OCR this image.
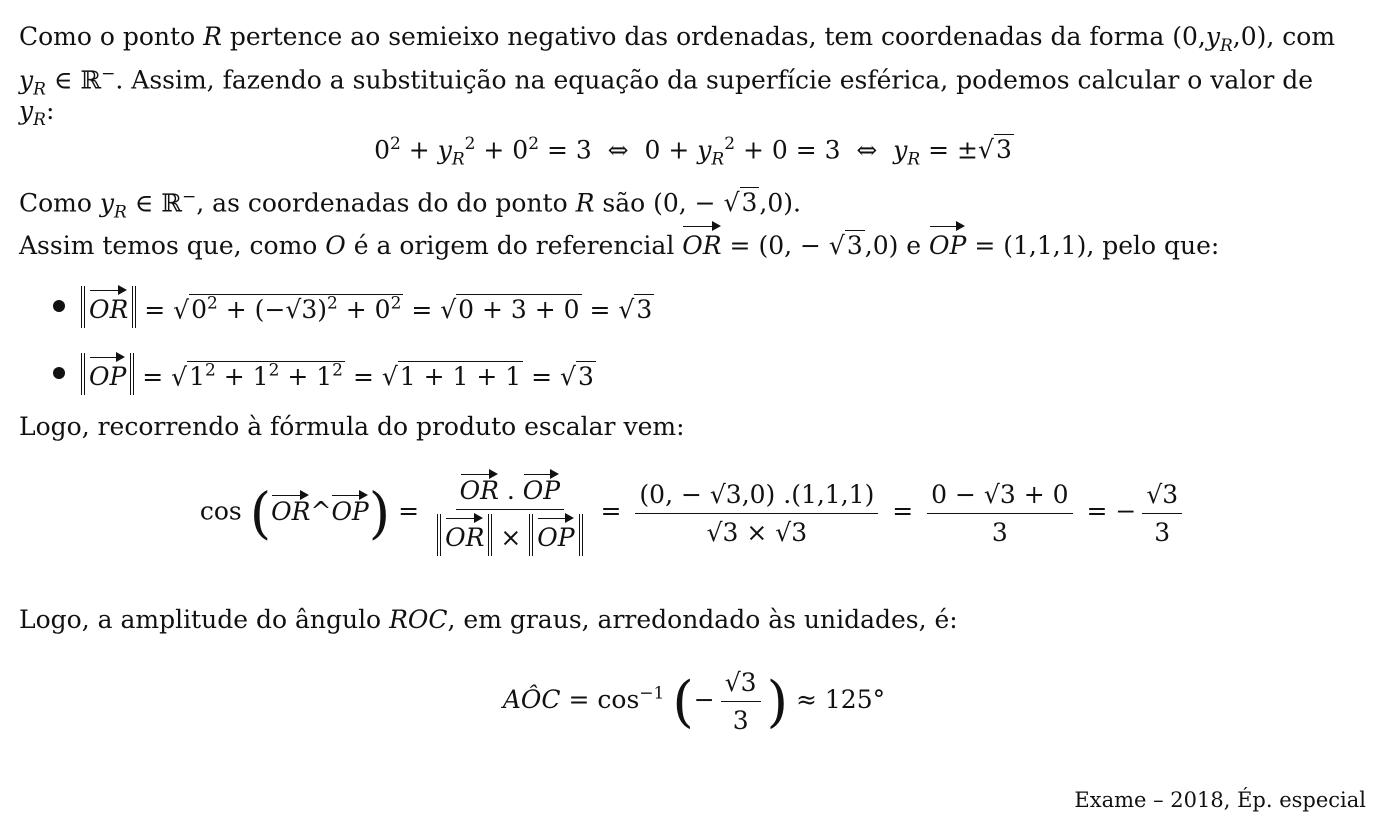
Como o ponto R pertence ao semieixo negativo das ordenadas, tem coordenadas da forma $(0,y_R,0)$, com
$y_R$ ∈ ℝ−. Assim, fazendo a substituição na equação da superfície esférica, podemos calcular o valor de
$y_R$:
$0^2 + y_R^2 + 0^2 = 3$  ⇔  $0 + y_R^2 + 0 = 3$  ⇔  $y_R = \pm√3$
Como $y_R$ ∈ ℝ−, as coordenadas do do ponto R são (0, − √3,0).
Assim temos que, como O é a origem do referencial OR = (0, − √3,0) e OP = (1,1,1), pelo que:
OR = $√0^2 + (-√3)^2 + 0^2 = √0 + 3 + 0 = √3$
OP = $√1^2 + 1^2 + 1^2 = √1 + 1 + 1 = √3$
Logo, recorrendo à fórmula do produto escalar vem:
cos (OR^OP) = $\frac{OR . OP}{OR \times OP} = \frac{(0, - √3,0) .(1,1,1)}{√3 \times √3} = \frac{0 - √3 + 0}{3}$ = − $\frac{√3}{3}$
Logo, a amplitude do ângulo ROC, em graus, arredondado às unidades, é:
AÔC = $\cos^{-1}$ (− $\frac{√3}{3}$ ) ≈ 125°
Exame – 2018, Ép. especial
